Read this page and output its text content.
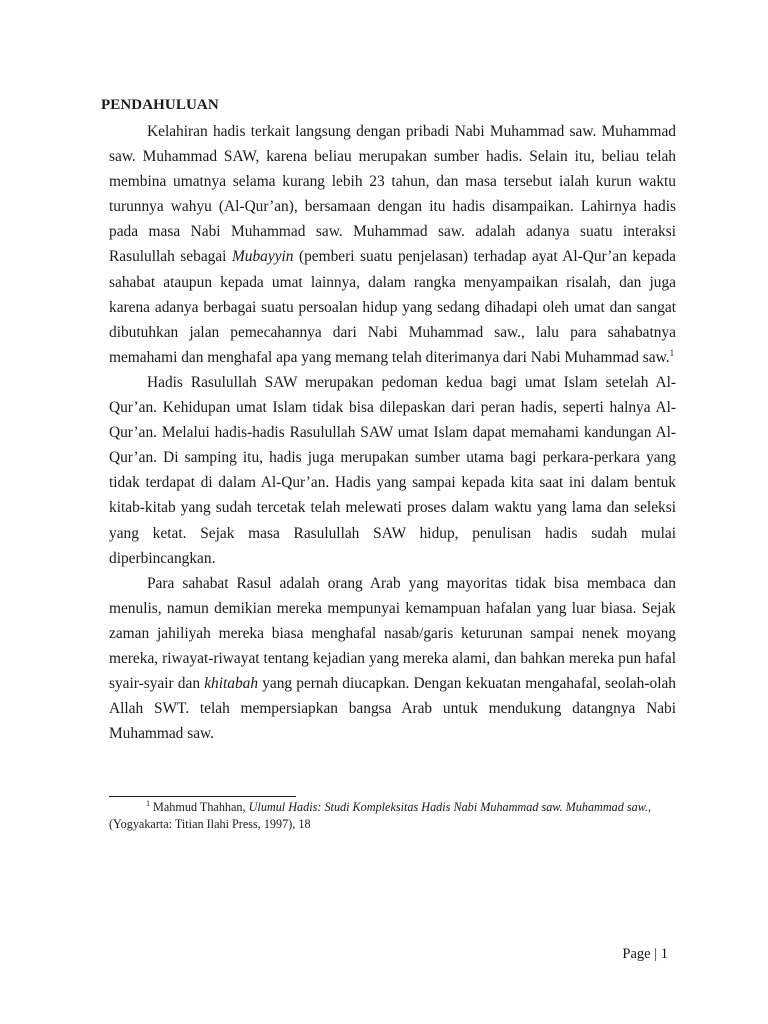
PENDAHULUAN

Kelahiran hadis terkait langsung dengan pribadi Nabi Muhammad saw. Muhammad saw. Muhammad SAW, karena beliau merupakan sumber hadis. Selain itu, beliau telah membina umatnya selama kurang lebih 23 tahun, dan masa tersebut ialah kurun waktu turunnya wahyu (Al-Qur’an), bersamaan dengan itu hadis disampaikan. Lahirnya hadis pada masa Nabi Muhammad saw. Muhammad saw. adalah adanya suatu interaksi Rasulullah sebagai Mubayyin (pemberi suatu penjelasan) terhadap ayat Al-Qur’an kepada sahabat ataupun kepada umat lainnya, dalam rangka menyampaikan risalah, dan juga karena adanya berbagai suatu persoalan hidup yang sedang dihadapi oleh umat dan sangat dibutuhkan jalan pemecahannya dari Nabi Muhammad saw., lalu para sahabatnya memahami dan menghafal apa yang memang telah diterimanya dari Nabi Muhammad saw.$^1$

Hadis Rasulullah SAW merupakan pedoman kedua bagi umat Islam setelah Al-Qur’an. Kehidupan umat Islam tidak bisa dilepaskan dari peran hadis, seperti halnya Al-Qur’an. Melalui hadis-hadis Rasulullah SAW umat Islam dapat memahami kandungan Al-Qur’an. Di samping itu, hadis juga merupakan sumber utama bagi perkara-perkara yang tidak terdapat di dalam Al-Qur’an. Hadis yang sampai kepada kita saat ini dalam bentuk kitab-kitab yang sudah tercetak telah melewati proses dalam waktu yang lama dan seleksi yang ketat. Sejak masa Rasulullah SAW hidup, penulisan hadis sudah mulai diperbincangkan.

Para sahabat Rasul adalah orang Arab yang mayoritas tidak bisa membaca dan menulis, namun demikian mereka mempunyai kemampuan hafalan yang luar biasa. Sejak zaman jahiliyah mereka biasa menghafal nasab/garis keturunan sampai nenek moyang mereka, riwayat-riwayat tentang kejadian yang mereka alami, dan bahkan mereka pun hafal syair-syair dan khitabah yang pernah diucapkan. Dengan kekuatan mengahafal, seolah-olah Allah SWT. telah mempersiapkan bangsa Arab untuk mendukung datangnya Nabi Muhammad saw.

$^1$ Mahmud Thahhan, Ulumul Hadis: Studi Kompleksitas Hadis Nabi Muhammad saw. Muhammad saw., (Yogyakarta: Titian Ilahi Press, 1997), 18

Page | 1
